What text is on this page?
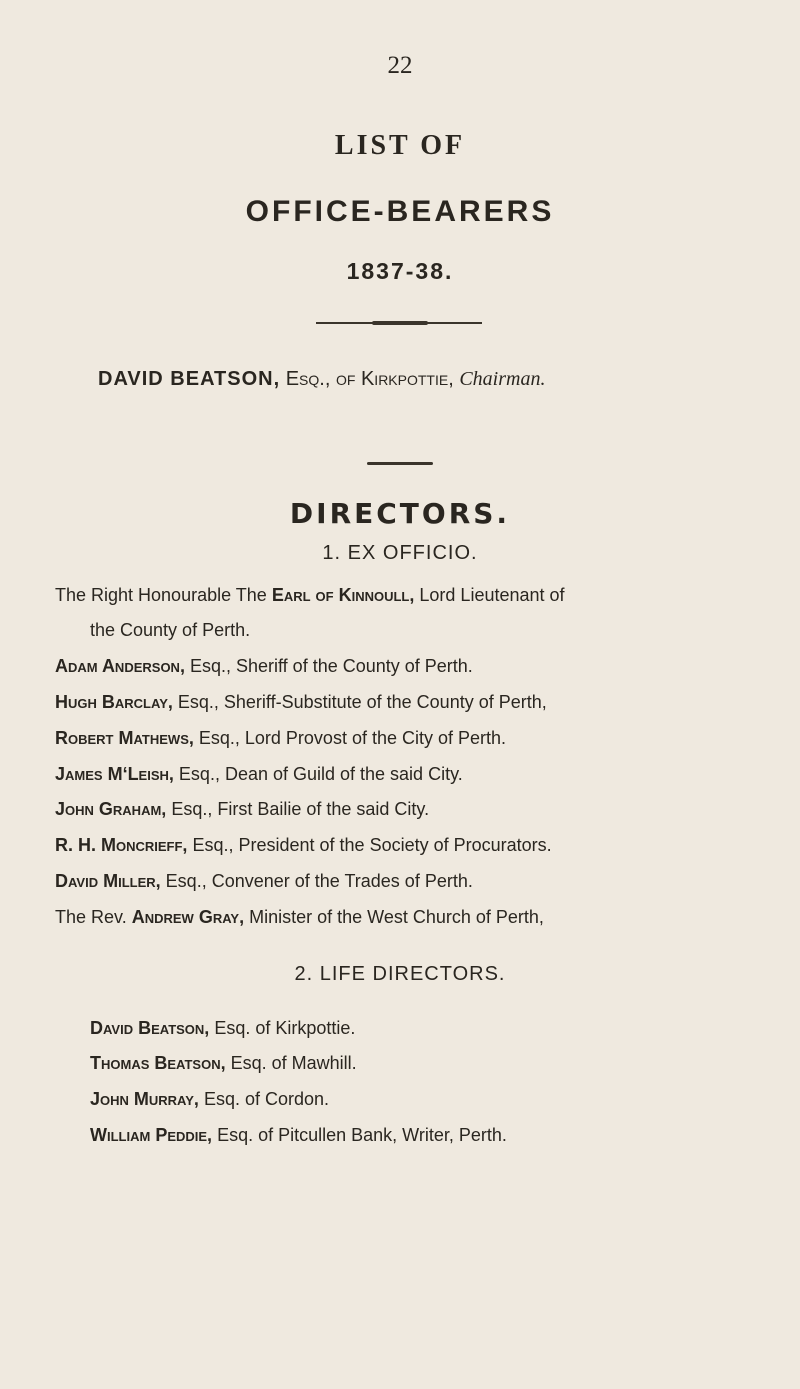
22
LIST OF
OFFICE-BEARERS
1837-38.
DAVID BEATSON, Esq., of Kirkpottie, Chairman.
DIRECTORS.
1. EX OFFICIO.
The Right Honourable The Earl of Kinnoull, Lord Lieutenant of
the County of Perth.
Adam Anderson, Esq., Sheriff of the County of Perth.
Hugh Barclay, Esq., Sheriff-Substitute of the County of Perth,
Robert Mathews, Esq., Lord Provost of the City of Perth.
James M‘Leish, Esq., Dean of Guild of the said City.
John Graham, Esq., First Bailie of the said City.
R. H. Moncrieff, Esq., President of the Society of Procurators.
David Miller, Esq., Convener of the Trades of Perth.
The Rev. Andrew Gray, Minister of the West Church of Perth,
2. LIFE DIRECTORS.
David Beatson, Esq. of Kirkpottie.
Thomas Beatson, Esq. of Mawhill.
John Murray, Esq. of Cordon.
William Peddie, Esq. of Pitcullen Bank, Writer, Perth.
